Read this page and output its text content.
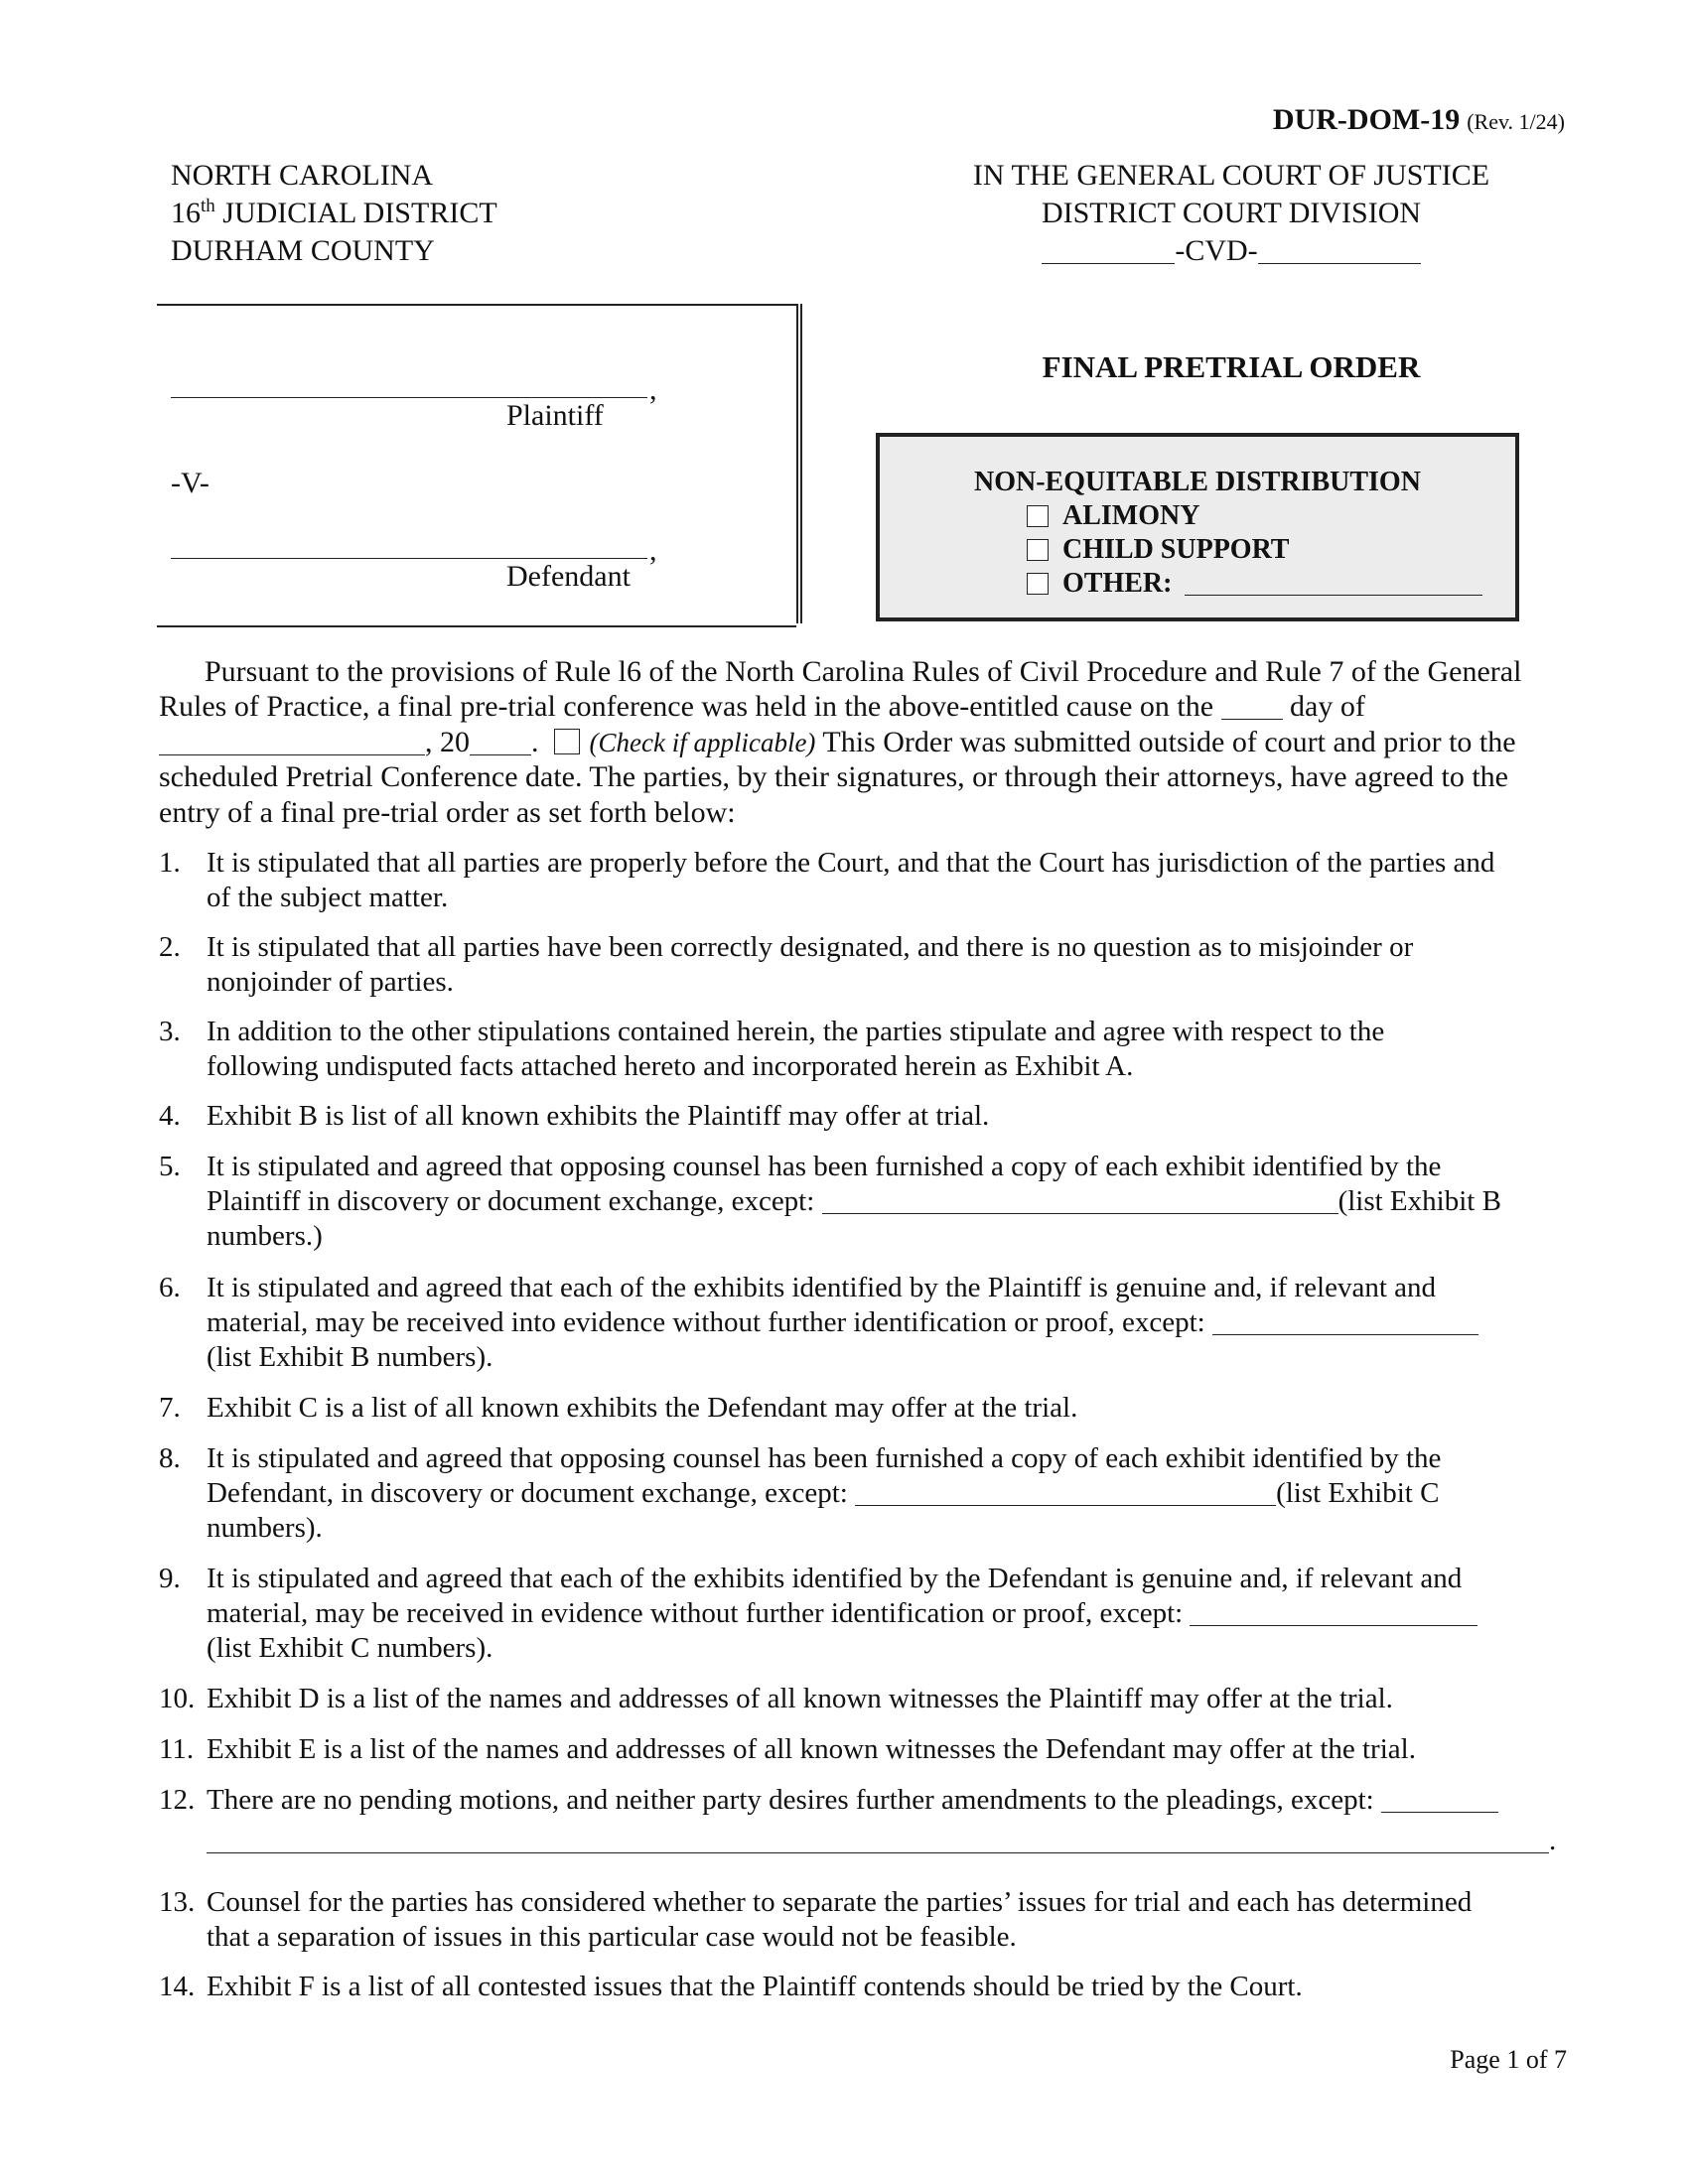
DUR-DOM-19 (Rev. 1/24)
NORTH CAROLINA
16th JUDICIAL DISTRICT
DURHAM COUNTY
IN THE GENERAL COURT OF JUSTICE
DISTRICT COURT DIVISION
-CVD-
,
Plaintiff
-V-
,
Defendant
FINAL PRETRIAL ORDER
NON-EQUITABLE DISTRIBUTION
ALIMONY
CHILD SUPPORT
OTHER:
Pursuant to the provisions of Rule l6 of the North Carolina Rules of Civil Procedure and Rule 7 of the General
Rules of Practice, a final pre-trial conference was held in the above-entitled cause on the	day of
, 20 . (Check if applicable) This Order was submitted outside of court and prior to the
scheduled Pretrial Conference date. The parties, by their signatures, or through their attorneys, have agreed to the
entry of a final pre-trial order as set forth below:
1. It is stipulated that all parties are properly before the Court, and that the Court has jurisdiction of the parties and
of the subject matter.
2. It is stipulated that all parties have been correctly designated, and there is no question as to misjoinder or
nonjoinder of parties.
3. In addition to the other stipulations contained herein, the parties stipulate and agree with respect to the
following undisputed facts attached hereto and incorporated herein as Exhibit A.
4. Exhibit B is list of all known exhibits the Plaintiff may offer at trial.
5. It is stipulated and agreed that opposing counsel has been furnished a copy of each exhibit identified by the
Plaintiff in discovery or document exchange, except:	(list Exhibit B
numbers.)
6. It is stipulated and agreed that each of the exhibits identified by the Plaintiff is genuine and, if relevant and
material, may be received into evidence without further identification or proof, except:
(list Exhibit B numbers).
7. Exhibit C is a list of all known exhibits the Defendant may offer at the trial.
8. It is stipulated and agreed that opposing counsel has been furnished a copy of each exhibit identified by the
Defendant, in discovery or document exchange, except:	(list Exhibit C
numbers).
9. It is stipulated and agreed that each of the exhibits identified by the Defendant is genuine and, if relevant and
material, may be received in evidence without further identification or proof, except:
(list Exhibit C numbers).
10. Exhibit D is a list of the names and addresses of all known witnesses the Plaintiff may offer at the trial.
11. Exhibit E is a list of the names and addresses of all known witnesses the Defendant may offer at the trial.
12. There are no pending motions, and neither party desires further amendments to the pleadings, except:
.
13. Counsel for the parties has considered whether to separate the parties’ issues for trial and each has determined
that a separation of issues in this particular case would not be feasible.
14. Exhibit F is a list of all contested issues that the Plaintiff contends should be tried by the Court.
Page 1 of 7
